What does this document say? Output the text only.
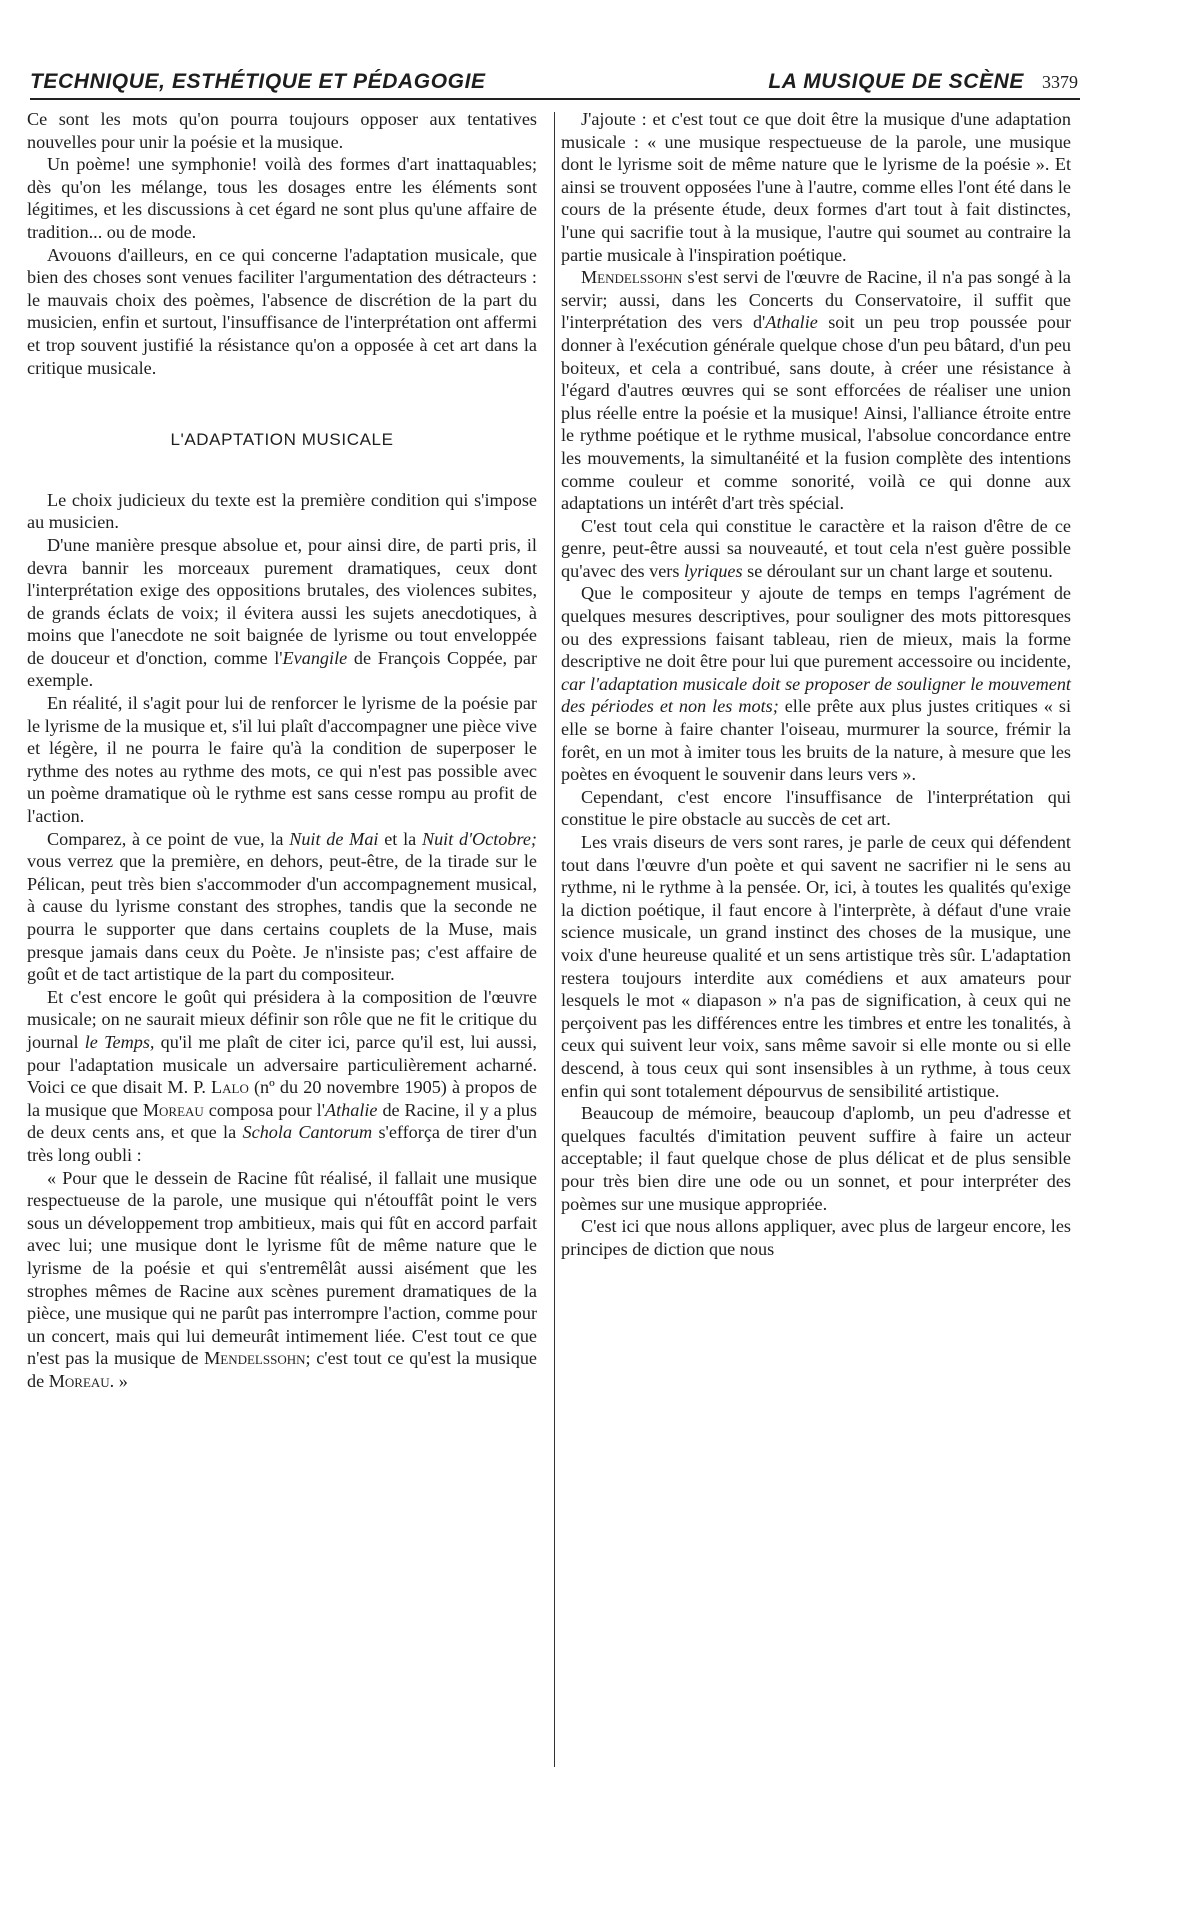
TECHNIQUE, ESTHÉTIQUE ET PÉDAGOGIE	LA MUSIQUE DE SCÈNE 3379

Ce sont les mots qu'on pourra toujours opposer aux tentatives nouvelles pour unir la poésie et la musique.

Un poème! une symphonie! voilà des formes d'art inattaquables; dès qu'on les mélange, tous les dosages entre les éléments sont légitimes, et les discussions à cet égard ne sont plus qu'une affaire de tradition... ou de mode.

Avouons d'ailleurs, en ce qui concerne l'adaptation musicale, que bien des choses sont venues faciliter l'argumentation des détracteurs : le mauvais choix des poèmes, l'absence de discrétion de la part du musicien, enfin et surtout, l'insuffisance de l'interprétation ont affermi et trop souvent justifié la résistance qu'on a opposée à cet art dans la critique musicale.

L'ADAPTATION MUSICALE

Le choix judicieux du texte est la première condition qui s'impose au musicien.

D'une manière presque absolue et, pour ainsi dire, de parti pris, il devra bannir les morceaux purement dramatiques, ceux dont l'interprétation exige des oppositions brutales, des violences subites, de grands éclats de voix; il évitera aussi les sujets anecdotiques, à moins que l'anecdote ne soit baignée de lyrisme ou tout enveloppée de douceur et d'onction, comme l'Evangile de François Coppée, par exemple.

En réalité, il s'agit pour lui de renforcer le lyrisme de la poésie par le lyrisme de la musique et, s'il lui plaît d'accompagner une pièce vive et légère, il ne pourra le faire qu'à la condition de superposer le rythme des notes au rythme des mots, ce qui n'est pas possible avec un poème dramatique où le rythme est sans cesse rompu au profit de l'action.

Comparez, à ce point de vue, la Nuit de Mai et la Nuit d'Octobre; vous verrez que la première, en dehors, peut-être, de la tirade sur le Pélican, peut très bien s'accommoder d'un accompagnement musical, à cause du lyrisme constant des strophes, tandis que la seconde ne pourra le supporter que dans certains couplets de la Muse, mais presque jamais dans ceux du Poète. Je n'insiste pas; c'est affaire de goût et de tact artistique de la part du compositeur.

Et c'est encore le goût qui présidera à la composition de l'œuvre musicale; on ne saurait mieux définir son rôle que ne fit le critique du journal le Temps, qu'il me plaît de citer ici, parce qu'il est, lui aussi, pour l'adaptation musicale un adversaire particulièrement acharné. Voici ce que disait M. P. Lalo (nº du 20 novembre 1905) à propos de la musique que Moreau composa pour l'Athalie de Racine, il y a plus de deux cents ans, et que la Schola Cantorum s'efforça de tirer d'un très long oubli :

« Pour que le dessein de Racine fût réalisé, il fallait une musique respectueuse de la parole, une musique qui n'étouffât point le vers sous un développement trop ambitieux, mais qui fût en accord parfait avec lui; une musique dont le lyrisme fût de même nature que le lyrisme de la poésie et qui s'entremêlât aussi aisément que les strophes mêmes de Racine aux scènes purement dramatiques de la pièce, une musique qui ne parût pas interrompre l'action, comme pour un concert, mais qui lui demeurât intimement liée. C'est tout ce que n'est pas la musique de Mendelssohn; c'est tout ce qu'est la musique de Moreau. »

J'ajoute : et c'est tout ce que doit être la musique d'une adaptation musicale : « une musique respectueuse de la parole, une musique dont le lyrisme soit de même nature que le lyrisme de la poésie ». Et ainsi se trouvent opposées l'une à l'autre, comme elles l'ont été dans le cours de la présente étude, deux formes d'art tout à fait distinctes, l'une qui sacrifie tout à la musique, l'autre qui soumet au contraire la partie musicale à l'inspiration poétique.

Mendelssohn s'est servi de l'œuvre de Racine, il n'a pas songé à la servir; aussi, dans les Concerts du Conservatoire, il suffit que l'interprétation des vers d'Athalie soit un peu trop poussée pour donner à l'exécution générale quelque chose d'un peu bâtard, d'un peu boiteux, et cela a contribué, sans doute, à créer une résistance à l'égard d'autres œuvres qui se sont efforcées de réaliser une union plus réelle entre la poésie et la musique! Ainsi, l'alliance étroite entre le rythme poétique et le rythme musical, l'absolue concordance entre les mouvements, la simultanéité et la fusion complète des intentions comme couleur et comme sonorité, voilà ce qui donne aux adaptations un intérêt d'art très spécial.

C'est tout cela qui constitue le caractère et la raison d'être de ce genre, peut-être aussi sa nouveauté, et tout cela n'est guère possible qu'avec des vers lyriques se déroulant sur un chant large et soutenu.

Que le compositeur y ajoute de temps en temps l'agrément de quelques mesures descriptives, pour souligner des mots pittoresques ou des expressions faisant tableau, rien de mieux, mais la forme descriptive ne doit être pour lui que purement accessoire ou incidente, car l'adaptation musicale doit se proposer de souligner le mouvement des périodes et non les mots; elle prête aux plus justes critiques « si elle se borne à faire chanter l'oiseau, murmurer la source, frémir la forêt, en un mot à imiter tous les bruits de la nature, à mesure que les poètes en évoquent le souvenir dans leurs vers ».

Cependant, c'est encore l'insuffisance de l'interprétation qui constitue le pire obstacle au succès de cet art.

Les vrais diseurs de vers sont rares, je parle de ceux qui défendent tout dans l'œuvre d'un poète et qui savent ne sacrifier ni le sens au rythme, ni le rythme à la pensée. Or, ici, à toutes les qualités qu'exige la diction poétique, il faut encore à l'interprète, à défaut d'une vraie science musicale, un grand instinct des choses de la musique, une voix d'une heureuse qualité et un sens artistique très sûr. L'adaptation restera toujours interdite aux comédiens et aux amateurs pour lesquels le mot « diapason » n'a pas de signification, à ceux qui ne perçoivent pas les différences entre les timbres et entre les tonalités, à ceux qui suivent leur voix, sans même savoir si elle monte ou si elle descend, à tous ceux qui sont insensibles à un rythme, à tous ceux enfin qui sont totalement dépourvus de sensibilité artistique.

Beaucoup de mémoire, beaucoup d'aplomb, un peu d'adresse et quelques facultés d'imitation peuvent suffire à faire un acteur acceptable; il faut quelque chose de plus délicat et de plus sensible pour très bien dire une ode ou un sonnet, et pour interpréter des poèmes sur une musique appropriée.

C'est ici que nous allons appliquer, avec plus de largeur encore, les principes de diction que nous
